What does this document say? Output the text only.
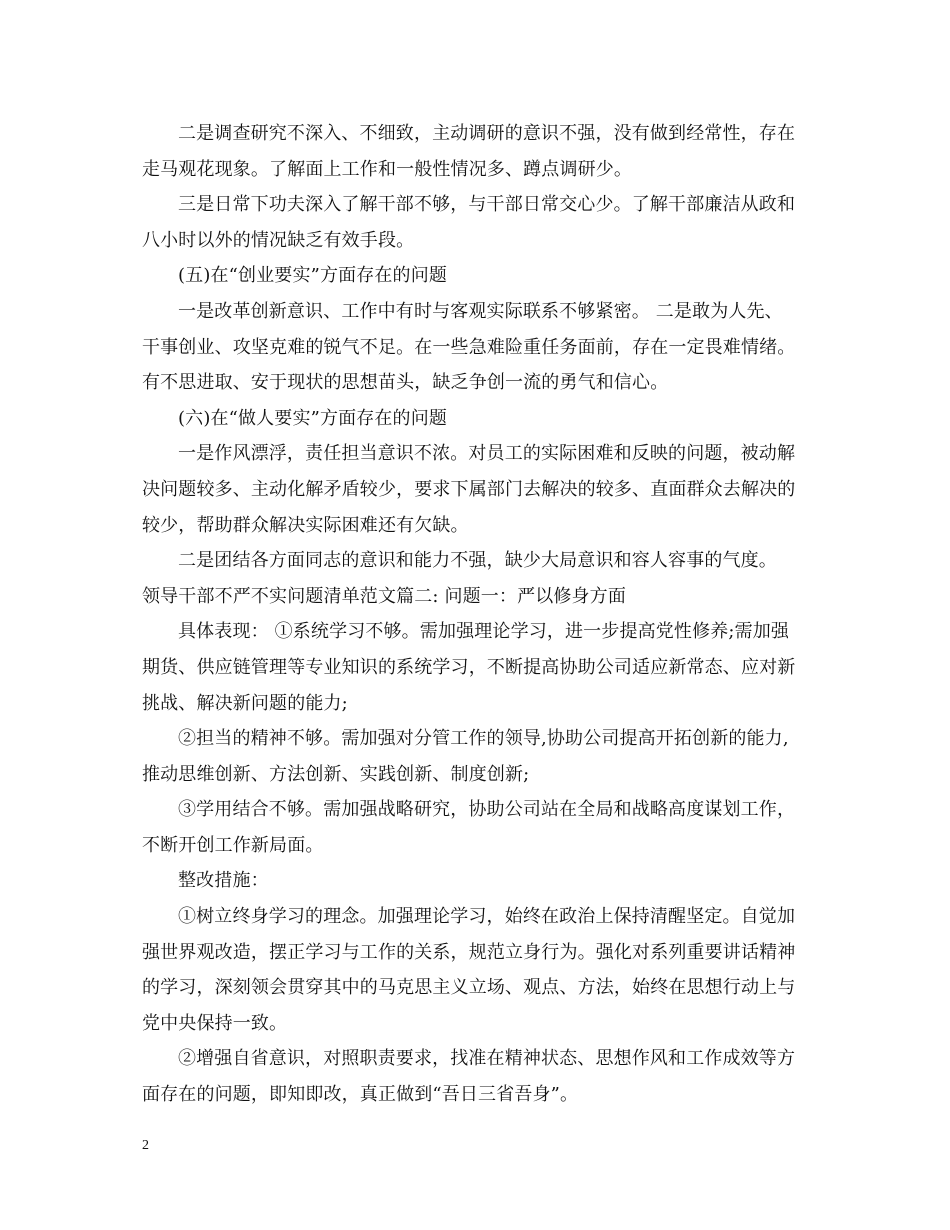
二是调查研究不深入、不细致，主动调研的意识不强，没有做到经常性，存在
走马观花现象。了解面上工作和一般性情况多、蹲点调研少。
三是日常下功夫深入了解干部不够，与干部日常交心少。了解干部廉洁从政和
八小时以外的情况缺乏有效手段。
(五)在“创业要实”方面存在的问题
一是改革创新意识、工作中有时与客观实际联系不够紧密。 二是敢为人先、
干事创业、攻坚克难的锐气不足。在一些急难险重任务面前，存在一定畏难情绪。
有不思进取、安于现状的思想苗头，缺乏争创一流的勇气和信心。
(六)在“做人要实”方面存在的问题
一是作风漂浮，责任担当意识不浓。对员工的实际困难和反映的问题，被动解
决问题较多、主动化解矛盾较少，要求下属部门去解决的较多、直面群众去解决的
较少，帮助群众解决实际困难还有欠缺。
二是团结各方面同志的意识和能力不强，缺少大局意识和容人容事的气度。
领导干部不严不实问题清单范文篇二: 问题一：严以修身方面
具体表现： ①系统学习不够。需加强理论学习，进一步提高党性修养;需加强
期货、供应链管理等专业知识的系统学习，不断提高协助公司适应新常态、应对新
挑战、解决新问题的能力;
②担当的精神不够。需加强对分管工作的领导,协助公司提高开拓创新的能力,
推动思维创新、方法创新、实践创新、制度创新;
③学用结合不够。需加强战略研究，协助公司站在全局和战略高度谋划工作，
不断开创工作新局面。
整改措施：
①树立终身学习的理念。加强理论学习，始终在政治上保持清醒坚定。自觉加
强世界观改造，摆正学习与工作的关系，规范立身行为。强化对系列重要讲话精神
的学习，深刻领会贯穿其中的马克思主义立场、观点、方法，始终在思想行动上与
党中央保持一致。
②增强自省意识，对照职责要求，找准在精神状态、思想作风和工作成效等方
面存在的问题，即知即改，真正做到“吾日三省吾身”。
2
